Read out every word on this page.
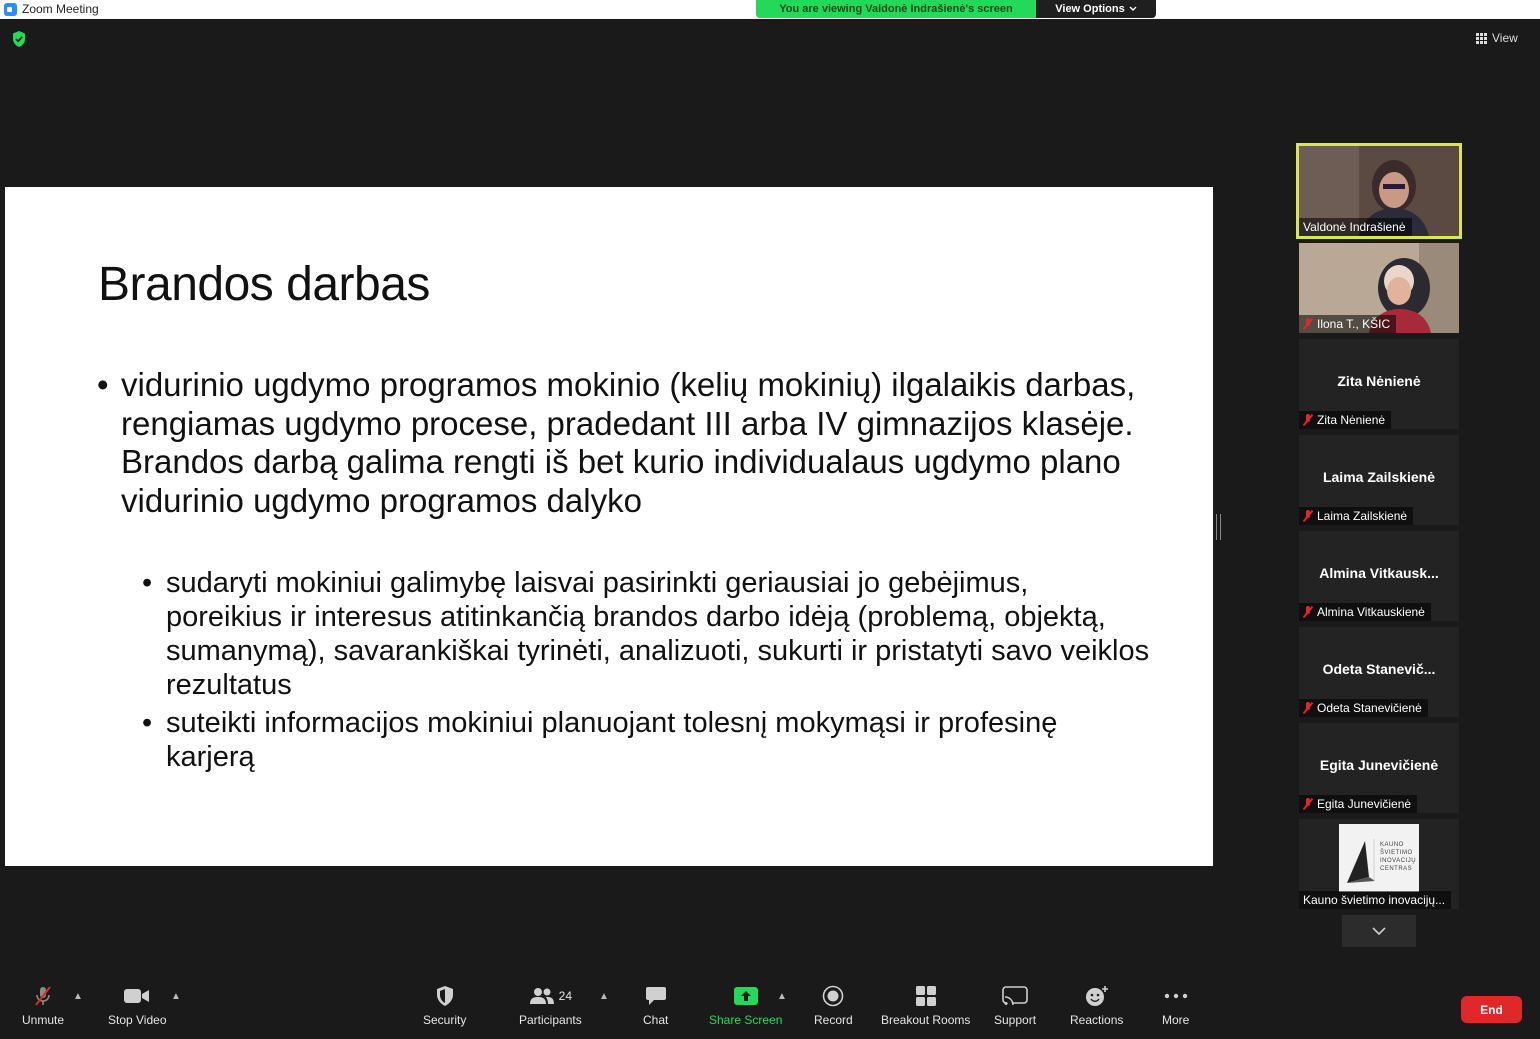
Zoom Meeting	You are viewing Valdonė Indrašienė's screen	View Options
View
Brandos darbas
• vidurinio ugdymo programos mokinio (kelių mokinių) ilgalaikis darbas, rengiamas ugdymo procese, pradedant III arba IV gimnazijos klasėje. Brandos darbą galima rengti iš bet kurio individualaus ugdymo plano vidurinio ugdymo programos dalyko
• sudaryti mokiniui galimybę laisvai pasirinkti geriausiai jo gebėjimus, poreikius ir interesus atitinkančią brandos darbo idėją (problemą, objektą, sumanymą), savarankiškai tyrinėti, analizuoti, sukurti ir pristatyti savo veiklos rezultatus
• suteikti informacijos mokiniui planuojant tolesnį mokymąsi ir profesinę karjerą
Valdonė Indrašienė
Ilona T., KŠIC
Zita Nėnienė
Zita Nėnienė
Laima Zailskienė
Laima Zailskienė
Almina Vitkausk...
Almina Vitkauskienė
Odeta Stanevič...
Odeta Stanevičienė
Egita Junevičienė
Egita Junevičienė
KAUNO
ŠVIETIMO
INOVACIJŲ
CENTRAS
Kauno švietimo inovacijų...
Unmute
▲
Stop Video
▲
Security
24
Participants
▲
Chat	Share Screen
▲
Record Breakout Rooms Support	Reactions	More
End
